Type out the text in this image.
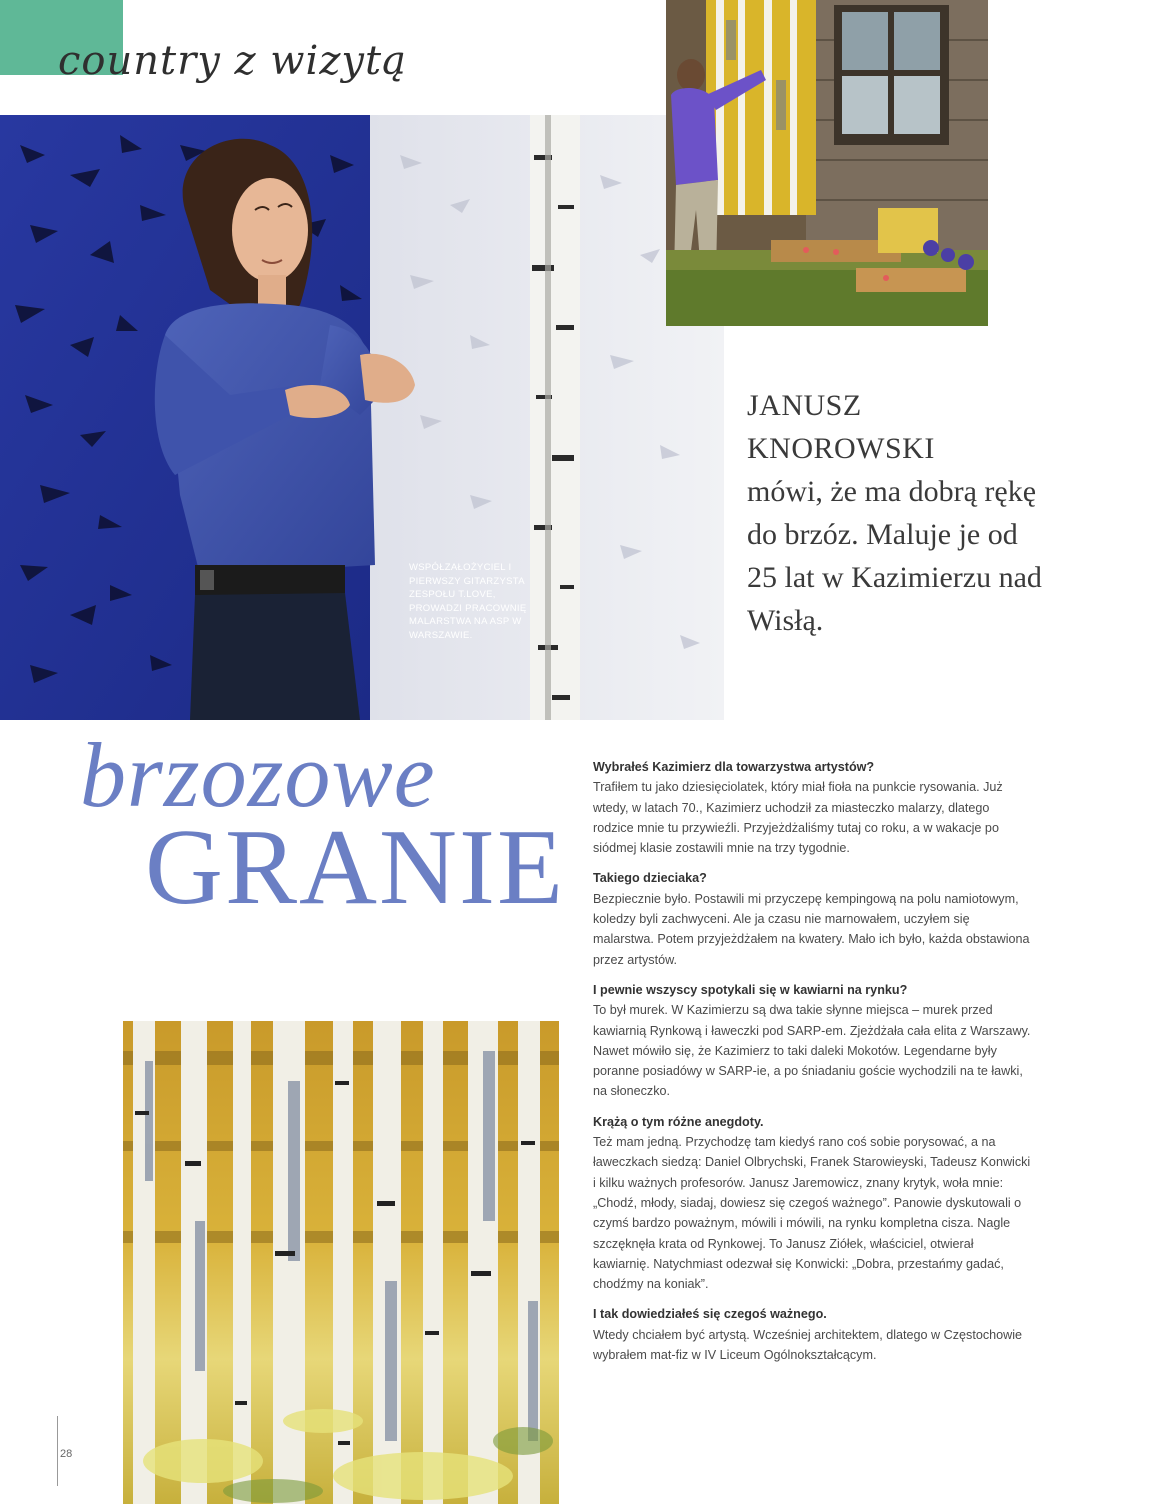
country z wizytą
WSPÓŁZAŁOŻYCIEL I PIERWSZY GITARZYSTA ZESPOŁU T.LOVE, PROWADZI PRACOWNIĘ MALARSTWA NA ASP W WARSZAWIE.
JANUSZ
KNOROWSKI
mówi, że ma dobrą rękę do brzóz. Maluje je od 25 lat w Kazimierzu nad Wisłą.
brzozowe
GRANIE
Wybrałeś Kazimierz dla towarzystwa artystów?
Trafiłem tu jako dziesięciolatek, który miał fioła na punkcie rysowania. Już wtedy, w latach 70., Kazimierz uchodził za miasteczko malarzy, dlatego rodzice mnie tu przywieźli. Przyjeżdżaliśmy tutaj co roku, a w wakacje po siódmej klasie zostawili mnie na trzy tygodnie.
Takiego dzieciaka?
Bezpiecznie było. Postawili mi przyczepę kempingową na polu namiotowym, koledzy byli zachwyceni. Ale ja czasu nie marnowałem, uczyłem się malarstwa. Potem przyjeżdżałem na kwatery. Mało ich było, każda obstawiona przez artystów.
I pewnie wszyscy spotykali się w kawiarni na rynku?
To był murek. W Kazimierzu są dwa takie słynne miejsca – murek przed kawiarnią Rynkową i ławeczki pod SARP-em. Zjeżdżała cała elita z Warszawy. Nawet mówiło się, że Kazimierz to taki daleki Mokotów. Legendarne były poranne posiadówy w SARP-ie, a po śniadaniu goście wychodzili na te ławki, na słoneczko.
Krążą o tym różne anegdoty.
Też mam jedną. Przychodzę tam kiedyś rano coś sobie porysować, a na ławeczkach siedzą: Daniel Olbrychski, Franek Starowieyski, Tadeusz Konwicki i kilku ważnych profesorów. Janusz Jaremowicz, znany krytyk, woła mnie: „Chodź, młody, siadaj, dowiesz się czegoś ważnego”. Panowie dyskutowali o czymś bardzo poważnym, mówili i mówili, na rynku kompletna cisza. Nagle szczęknęła krata od Rynkowej. To Janusz Ziółek, właściciel, otwierał kawiarnię. Natychmiast odezwał się Konwicki: „Dobra, przestańmy gadać, chodźmy na koniak”.
I tak dowiedziałeś się czegoś ważnego.
Wtedy chciałem być artystą. Wcześniej architektem, dlatego w Częstochowie wybrałem mat-fiz w IV Liceum Ogólnokształcącym.
28
